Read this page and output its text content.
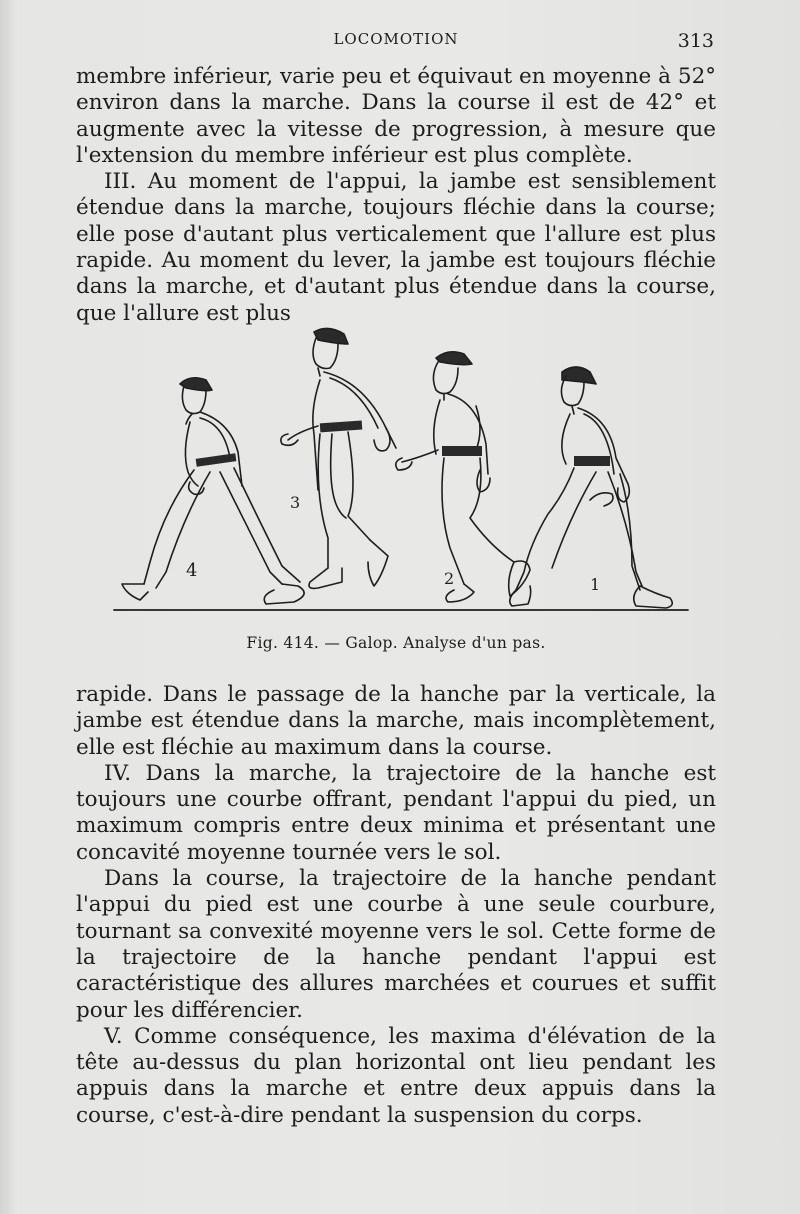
LOCOMOTION	313

membre inférieur, varie peu et équivaut en moyenne à 52° environ dans la marche. Dans la course il est de 42° et augmente avec la vitesse de progression, à mesure que l'extension du membre inférieur est plus complète.

III. Au moment de l'appui, la jambe est sensiblement étendue dans la marche, toujours fléchie dans la course; elle pose d'autant plus verticalement que l'allure est plus rapide. Au moment du lever, la jambe est toujours fléchie dans la marche, et d'autant plus étendue dans la course, que l'allure est plus

4
3
2	1
Fig. 414. — Galop. Analyse d'un pas.

rapide. Dans le passage de la hanche par la verticale, la jambe est étendue dans la marche, mais incomplètement, elle est fléchie au maximum dans la course.

IV. Dans la marche, la trajectoire de la hanche est toujours une courbe offrant, pendant l'appui du pied, un maximum compris entre deux minima et présentant une concavité moyenne tournée vers le sol.

Dans la course, la trajectoire de la hanche pendant l'appui du pied est une courbe à une seule courbure, tournant sa convexité moyenne vers le sol. Cette forme de la trajectoire de la hanche pendant l'appui est caractéristique des allures marchées et courues et suffit pour les différencier.

V. Comme conséquence, les maxima d'élévation de la tête au-dessus du plan horizontal ont lieu pendant les appuis dans la marche et entre deux appuis dans la course, c'est-à-dire pendant la suspension du corps.
